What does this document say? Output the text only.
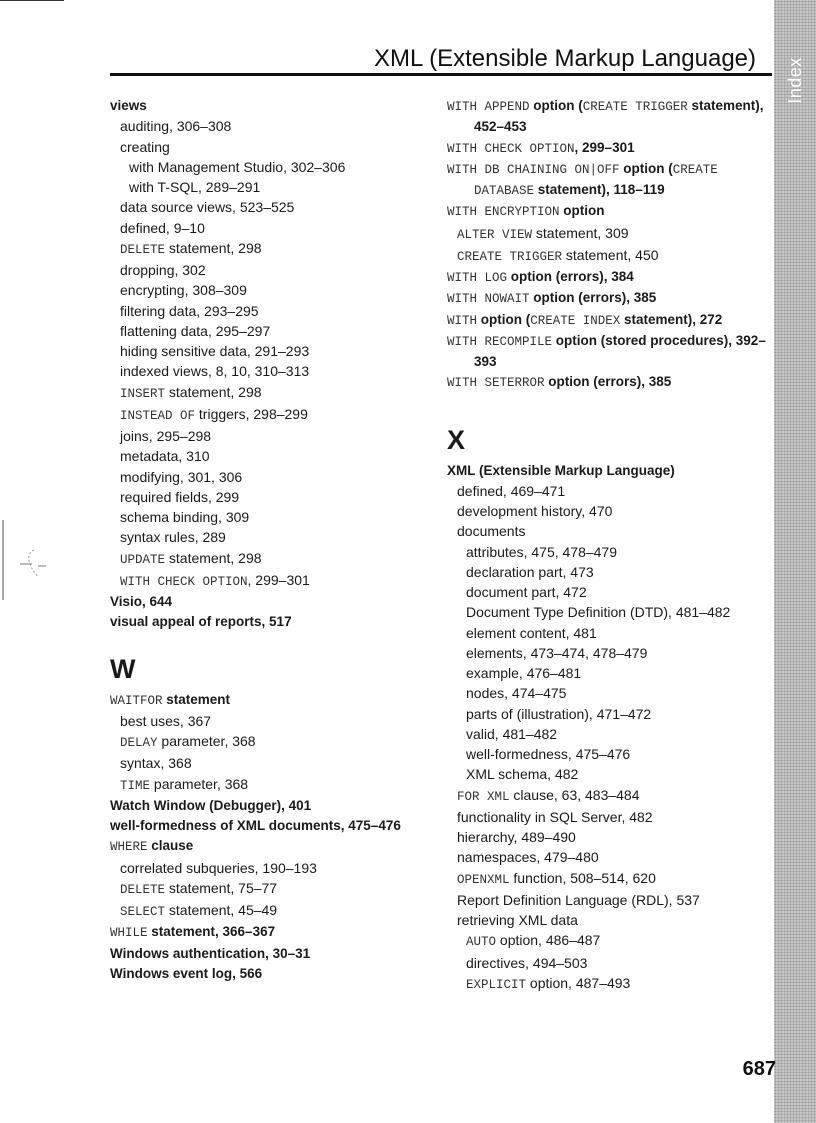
XML (Extensible Markup Language) Index
views
auditing, 306–308
creating
with Management Studio, 302–306
with T-SQL, 289–291
data source views, 523–525
defined, 9–10
DELETE statement, 298
dropping, 302
encrypting, 308–309
filtering data, 293–295
flattening data, 295–297
hiding sensitive data, 291–293
indexed views, 8, 10, 310–313
INSERT statement, 298
INSTEAD OF triggers, 298–299
joins, 295–298
metadata, 310
modifying, 301, 306
required fields, 299
schema binding, 309
syntax rules, 289
UPDATE statement, 298
WITH CHECK OPTION, 299–301
Visio, 644
visual appeal of reports, 517
W
WAITFOR statement
best uses, 367
DELAY parameter, 368
syntax, 368
TIME parameter, 368
Watch Window (Debugger), 401
well-formedness of XML documents, 475–476
WHERE clause
correlated subqueries, 190–193
DELETE statement, 75–77
SELECT statement, 45–49
WHILE statement, 366–367
Windows authentication, 30–31
Windows event log, 566
WITH APPEND option (CREATE TRIGGER statement), 452–453
WITH CHECK OPTION, 299–301
WITH DB CHAINING ON|OFF option (CREATE DATABASE statement), 118–119
WITH ENCRYPTION option
ALTER VIEW statement, 309
CREATE TRIGGER statement, 450
WITH LOG option (errors), 384
WITH NOWAIT option (errors), 385
WITH option (CREATE INDEX statement), 272
WITH RECOMPILE option (stored procedures), 392–393
WITH SETERROR option (errors), 385
X
XML (Extensible Markup Language)
defined, 469–471
development history, 470
documents
attributes, 475, 478–479
declaration part, 473
document part, 472
Document Type Definition (DTD), 481–482
element content, 481
elements, 473–474, 478–479
example, 476–481
nodes, 474–475
parts of (illustration), 471–472
valid, 481–482
well-formedness, 475–476
XML schema, 482
FOR XML clause, 63, 483–484
functionality in SQL Server, 482
hierarchy, 489–490
namespaces, 479–480
OPENXML function, 508–514, 620
Report Definition Language (RDL), 537
retrieving XML data
AUTO option, 486–487
directives, 494–503
EXPLICIT option, 487–493
687
